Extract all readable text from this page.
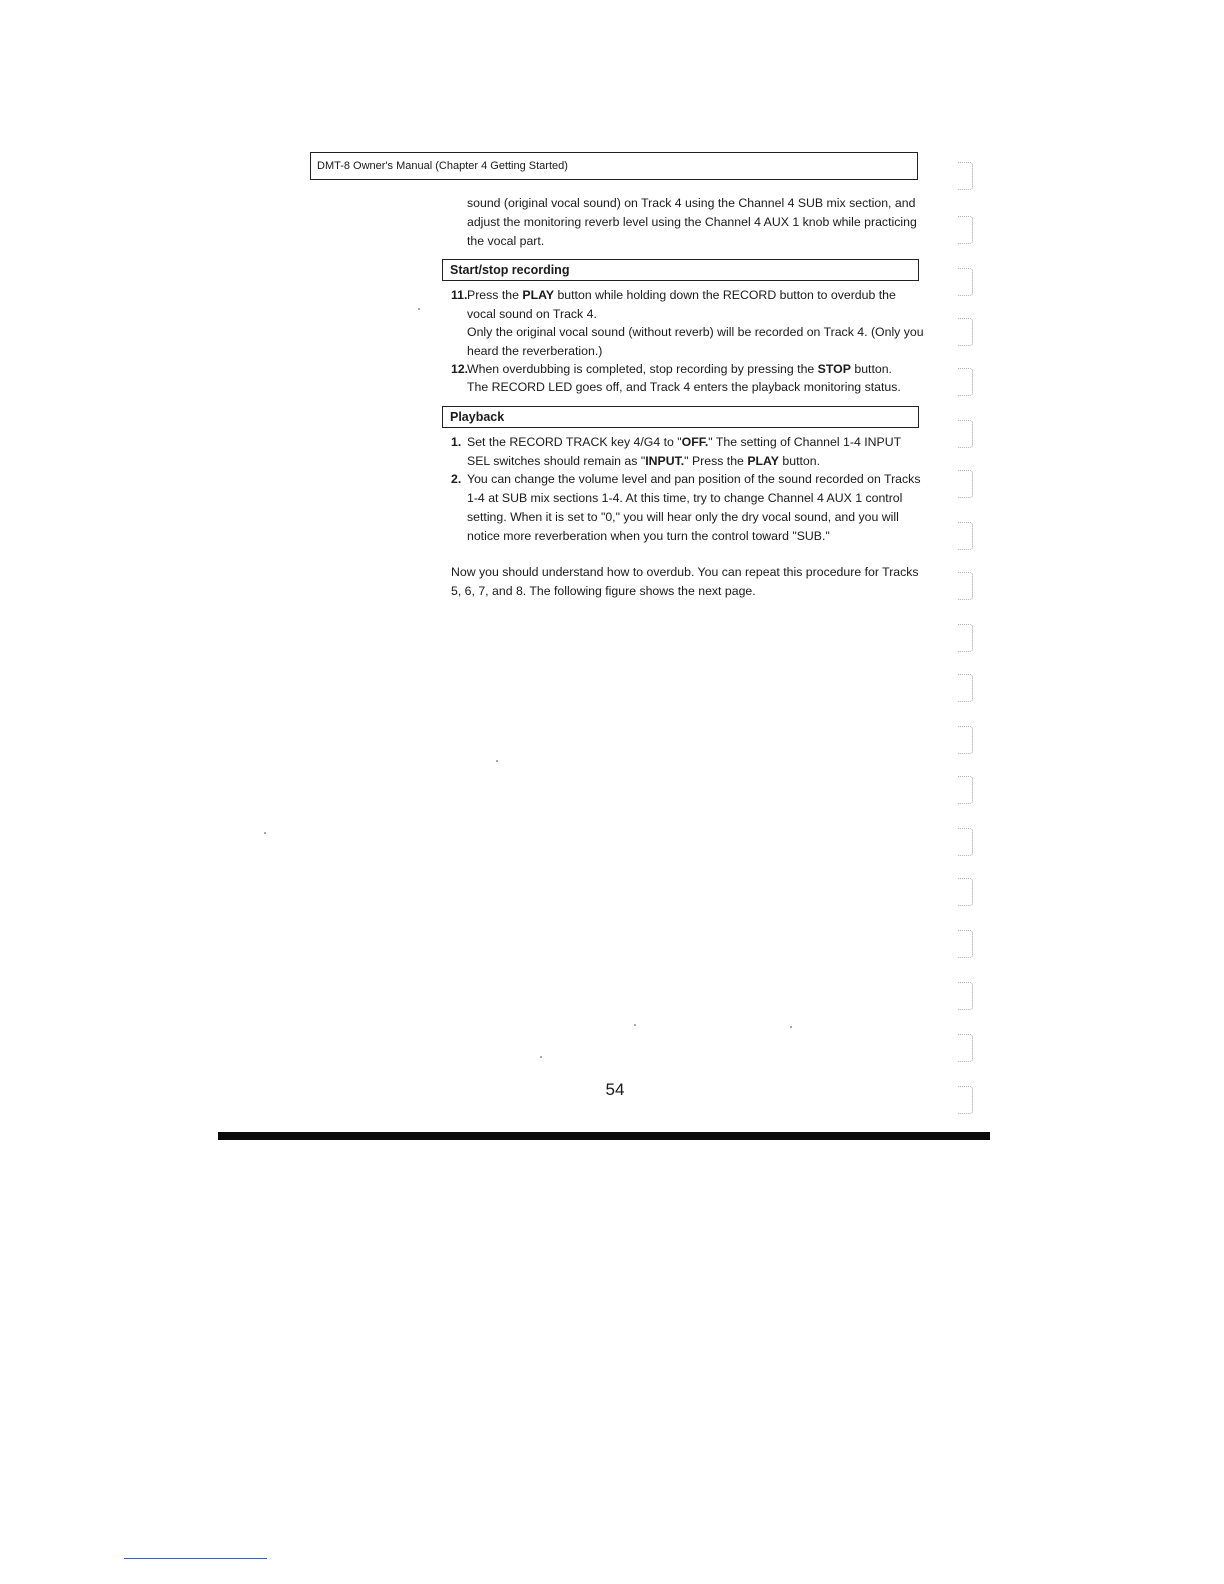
DMT-8 Owner's Manual (Chapter 4 Getting Started)
sound (original vocal sound) on Track 4 using the Channel 4 SUB mix section, and
adjust the monitoring reverb level using the Channel 4 AUX 1 knob while practicing
the vocal part.
Start/stop recording
11. Press the PLAY button while holding down the RECORD button to overdub the
vocal sound on Track 4.
Only the original vocal sound (without reverb) will be recorded on Track 4. (Only you
heard the reverberation.)
12.
When overdubbing is completed, stop recording by pressing the STOP button.
The RECORD LED goes off, and Track 4 enters the playback monitoring status.
Playback
1. Set the RECORD TRACK key 4/G4 to "OFF." The setting of Channel 1-4 INPUT
SEL switches should remain as "INPUT." Press the PLAY button.
2. You can change the volume level and pan position of the sound recorded on Tracks
1-4 at SUB mix sections 1-4. At this time, try to change Channel 4 AUX 1 control
setting. When it is set to "0," you will hear only the dry vocal sound, and you will
notice more reverberation when you turn the control toward "SUB."
Now you should understand how to overdub. You can repeat this procedure for Tracks
5, 6, 7, and 8. The following figure shows the next page.
54
